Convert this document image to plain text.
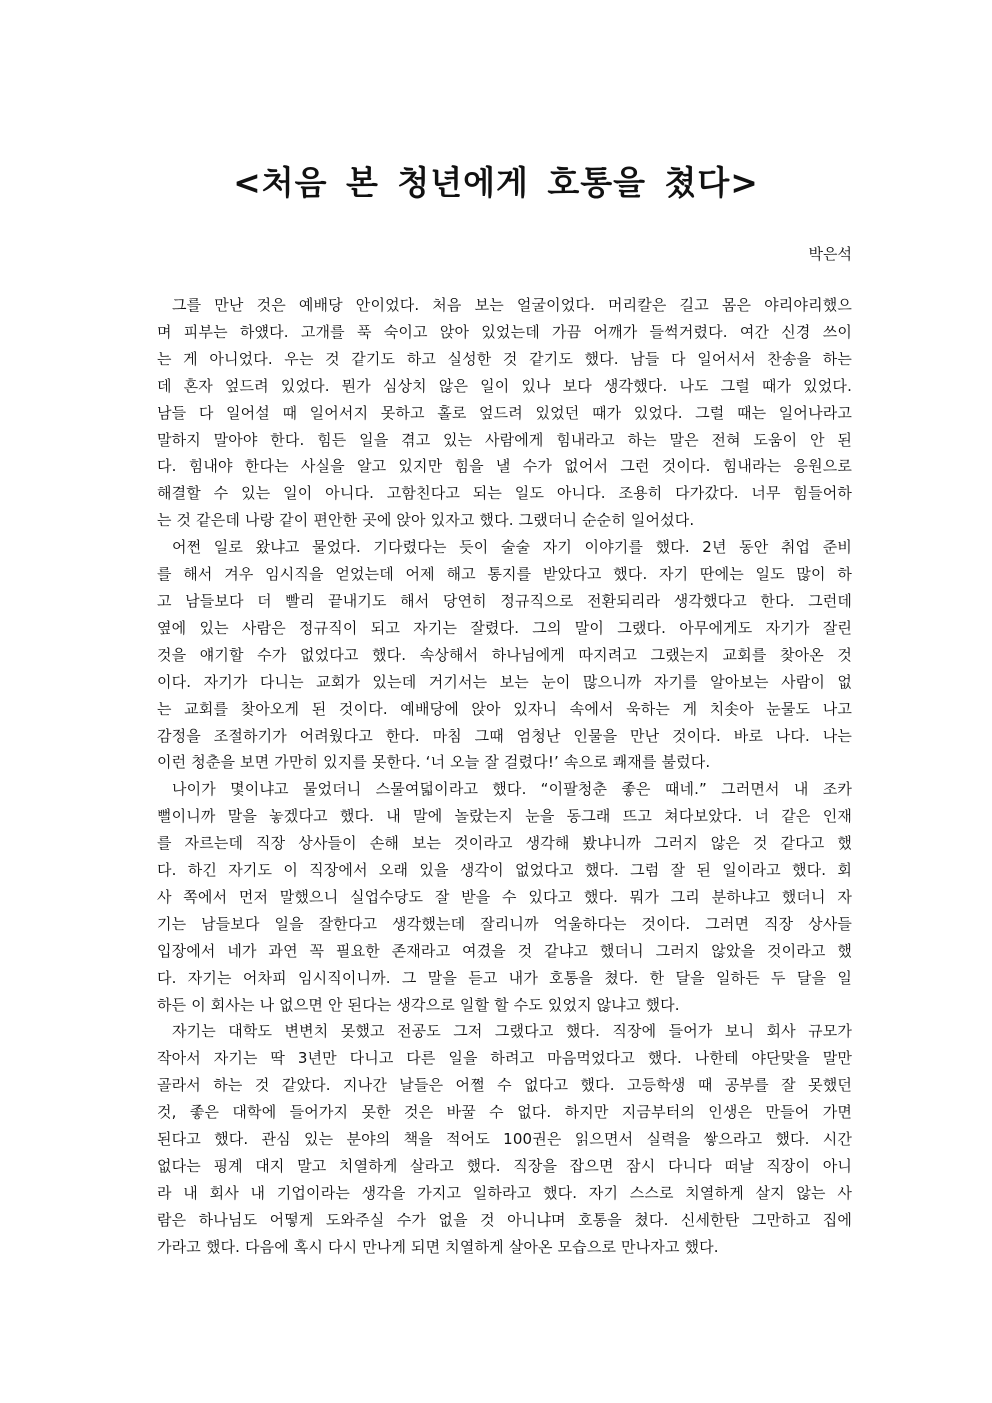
<처음 본 청년에게 호통을 쳤다>

박은석

그를 만난 것은 예배당 안이었다. 처음 보는 얼굴이었다. 머리칼은 길고 몸은 야리야리했으
며 피부는 하얬다. 고개를 푹 숙이고 앉아 있었는데 가끔 어깨가 들썩거렸다. 여간 신경 쓰이
는 게 아니었다. 우는 것 같기도 하고 실성한 것 같기도 했다. 남들 다 일어서서 찬송을 하는
데 혼자 엎드려 있었다. 뭔가 심상치 않은 일이 있나 보다 생각했다. 나도 그럴 때가 있었다.
남들 다 일어설 때 일어서지 못하고 홀로 엎드려 있었던 때가 있었다. 그럴 때는 일어나라고
말하지 말아야 한다. 힘든 일을 겪고 있는 사람에게 힘내라고 하는 말은 전혀 도움이 안 된
다. 힘내야 한다는 사실을 알고 있지만 힘을 낼 수가 없어서 그런 것이다. 힘내라는 응원으로
해결할 수 있는 일이 아니다. 고함친다고 되는 일도 아니다. 조용히 다가갔다. 너무 힘들어하
는 것 같은데 나랑 같이 편안한 곳에 앉아 있자고 했다. 그랬더니 순순히 일어섰다.

어쩐 일로 왔냐고 물었다. 기다렸다는 듯이 술술 자기 이야기를 했다. 2년 동안 취업 준비
를 해서 겨우 임시직을 얻었는데 어제 해고 통지를 받았다고 했다. 자기 딴에는 일도 많이 하
고 남들보다 더 빨리 끝내기도 해서 당연히 정규직으로 전환되리라 생각했다고 한다. 그런데
옆에 있는 사람은 정규직이 되고 자기는 잘렸다. 그의 말이 그랬다. 아무에게도 자기가 잘린
것을 얘기할 수가 없었다고 했다. 속상해서 하나님에게 따지려고 그랬는지 교회를 찾아온 것
이다. 자기가 다니는 교회가 있는데 거기서는 보는 눈이 많으니까 자기를 알아보는 사람이 없
는 교회를 찾아오게 된 것이다. 예배당에 앉아 있자니 속에서 욱하는 게 치솟아 눈물도 나고
감정을 조절하기가 어려웠다고 한다. 마침 그때 엄청난 인물을 만난 것이다. 바로 나다. 나는
이런 청춘을 보면 가만히 있지를 못한다. ‘너 오늘 잘 걸렸다!’ 속으로 쾌재를 불렀다.

나이가 몇이냐고 물었더니 스물여덟이라고 했다. “이팔청춘 좋은 때네.” 그러면서 내 조카
뻘이니까 말을 놓겠다고 했다. 내 말에 놀랐는지 눈을 동그래 뜨고 쳐다보았다. 너 같은 인재
를 자르는데 직장 상사들이 손해 보는 것이라고 생각해 봤냐니까 그러지 않은 것 같다고 했
다. 하긴 자기도 이 직장에서 오래 있을 생각이 없었다고 했다. 그럼 잘 된 일이라고 했다. 회
사 쪽에서 먼저 말했으니 실업수당도 잘 받을 수 있다고 했다. 뭐가 그리 분하냐고 했더니 자
기는 남들보다 일을 잘한다고 생각했는데 잘리니까 억울하다는 것이다. 그러면 직장 상사들
입장에서 네가 과연 꼭 필요한 존재라고 여겼을 것 같냐고 했더니 그러지 않았을 것이라고 했
다. 자기는 어차피 임시직이니까. 그 말을 듣고 내가 호통을 쳤다. 한 달을 일하든 두 달을 일
하든 이 회사는 나 없으면 안 된다는 생각으로 일할 할 수도 있었지 않냐고 했다.

자기는 대학도 변변치 못했고 전공도 그저 그랬다고 했다. 직장에 들어가 보니 회사 규모가
작아서 자기는 딱 3년만 다니고 다른 일을 하려고 마음먹었다고 했다. 나한테 야단맞을 말만
골라서 하는 것 같았다. 지나간 날들은 어쩔 수 없다고 했다. 고등학생 때 공부를 잘 못했던
것, 좋은 대학에 들어가지 못한 것은 바꿀 수 없다. 하지만 지금부터의 인생은 만들어 가면
된다고 했다. 관심 있는 분야의 책을 적어도 100권은 읽으면서 실력을 쌓으라고 했다. 시간
없다는 핑계 대지 말고 치열하게 살라고 했다. 직장을 잡으면 잠시 다니다 떠날 직장이 아니
라 내 회사 내 기업이라는 생각을 가지고 일하라고 했다. 자기 스스로 치열하게 살지 않는 사
람은 하나님도 어떻게 도와주실 수가 없을 것 아니냐며 호통을 쳤다. 신세한탄 그만하고 집에
가라고 했다. 다음에 혹시 다시 만나게 되면 치열하게 살아온 모습으로 만나자고 했다.
